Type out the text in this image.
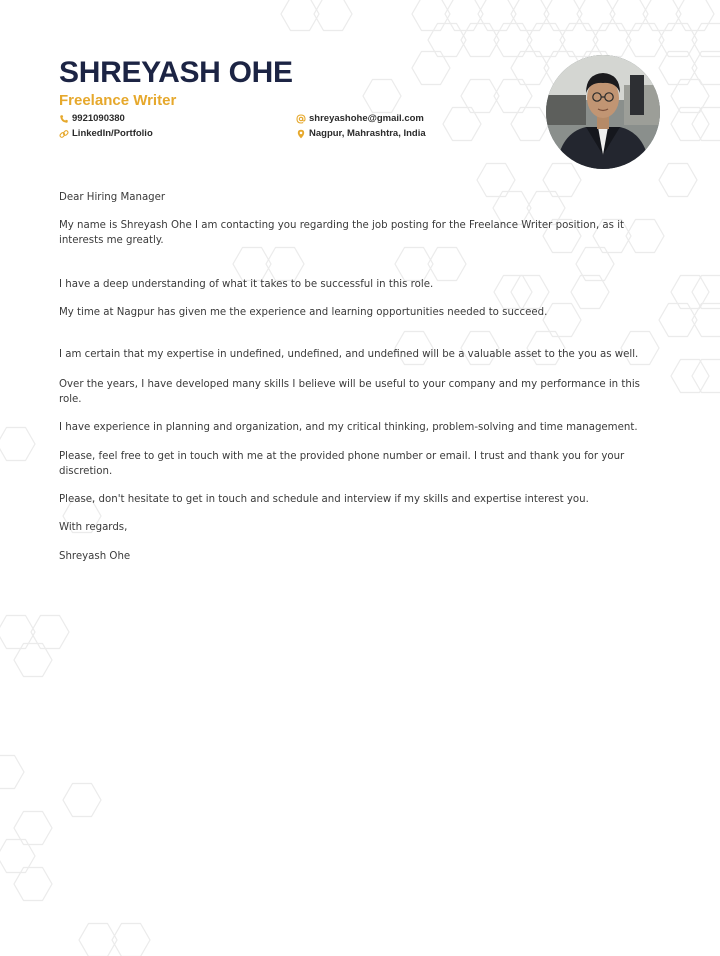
SHREYASH OHE
Freelance Writer
9921090380
LinkedIn/Portfolio
shreyashohe@gmail.com
Nagpur, Mahrashtra, India

Dear Hiring Manager

My name is Shreyash Ohe I am contacting you regarding the job posting for the Freelance Writer position, as it interests me greatly.

I have a deep understanding of what it takes to be successful in this role.

My time at Nagpur has given me the experience and learning opportunities needed to succeed.

I am certain that my expertise in undefined, undefined, and undefined will be a valuable asset to the you as well.

Over the years, I have developed many skills I believe will be useful to your company and my performance in this role.

I have experience in planning and organization, and my critical thinking, problem-solving and time management.

Please, feel free to get in touch with me at the provided phone number or email. I trust and thank you for your discretion.

Please, don't hesitate to get in touch and schedule and interview if my skills and expertise interest you.

With regards,

Shreyash Ohe
